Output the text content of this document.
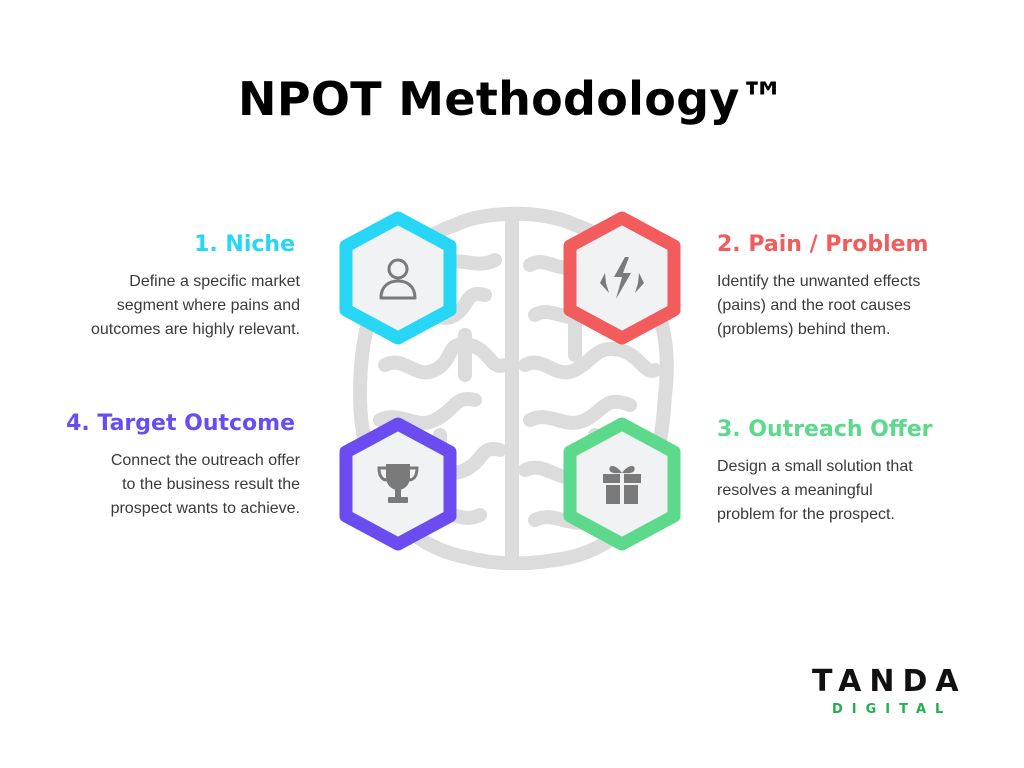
NPOT Methodology™
1. Niche
Define a specific market
segment where pains and
outcomes are highly relevant.
2. Pain / Problem
Identify the unwanted effects
(pains) and the root causes
(problems) behind them.
4. Target Outcome
Connect the outreach offer
to the business result the
prospect wants to achieve.
3. Outreach Offer
Design a small solution that
resolves a meaningful
problem for the prospect.
TANDA
DIGITAL
